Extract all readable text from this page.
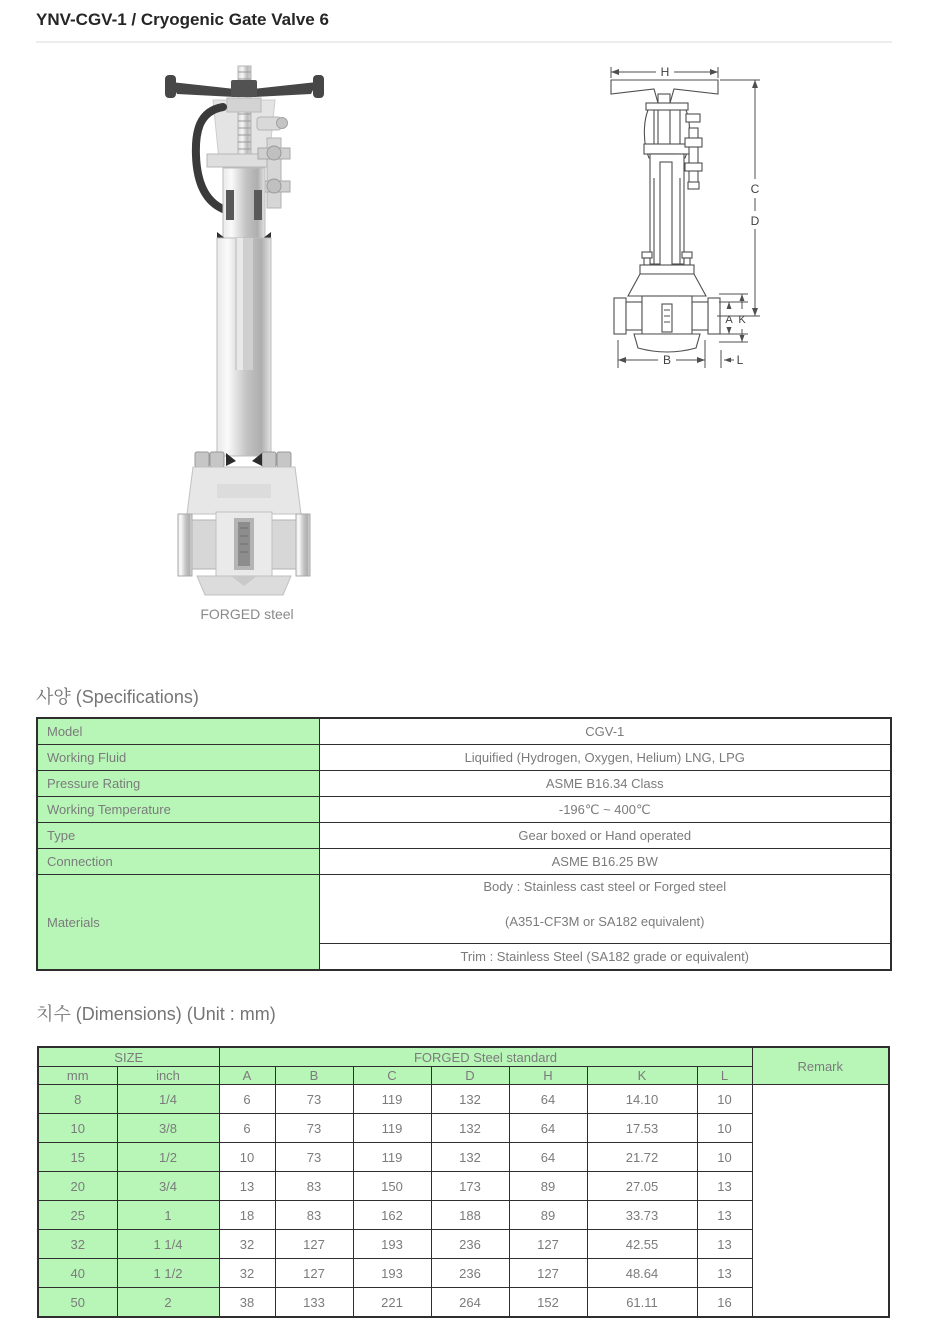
YNV-CGV-1 / Cryogenic Gate Valve 6
FORGED steel
H
C
D
A K
B	L
사양 (Specifications)
Model	CGV-1
Working Fluid	Liquified (Hydrogen, Oxygen, Helium) LNG, LPG
Pressure Rating	ASME B16.34 Class
Working Temperature	-196℃ ~ 400℃
Type	Gear boxed or Hand operated
Connection	ASME B16.25 BW
Materials	Body : Stainless cast steel or Forged steel
(A351-CF3M or SA182 equivalent)

	Trim : Stainless Steel (SA182 grade or equivalent)
치수 (Dimensions) (Unit : mm)
SIZE		FORGED Steel standard							Remark
mm	inch	A	B	C	D	H	K	L	
8	1/4	6	73	119	132	64	14.10	10	
10	3/8	6	73	119	132	64	17.53	10	
15	1/2	10	73	119	132	64	21.72	10	
20	3/4	13	83	150	173	89	27.05	13	
25	1	18	83	162	188	89	33.73	13	
32	1 1/4	32	127	193	236	127	42.55	13	
40	1 1/2	32	127	193	236	127	48.64	13	
50	2	38	133	221	264	152	61.11	16	
